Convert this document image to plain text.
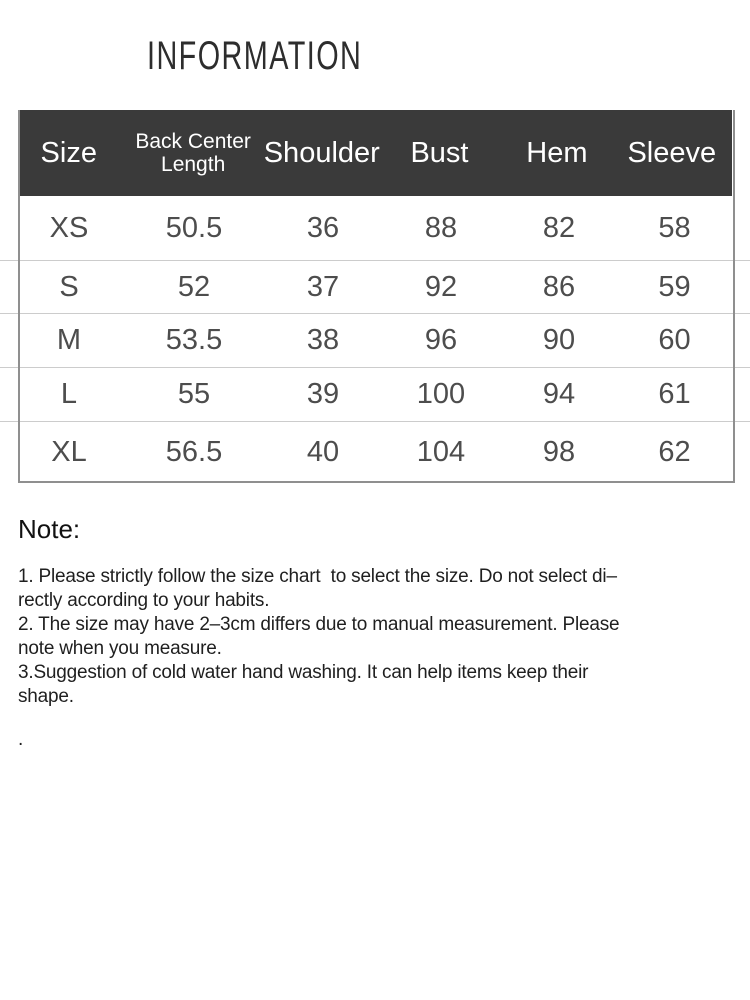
INFORMATION
Size	Back Center Length	Shoulder	Bust	Hem	Sleeve
XS	50.5	36	88	82	58
S	52	37	92	86	59
M	53.5	38	96	90	60
L	55	39	100	94	61
XL	56.5	40	104	98	62
Note:
1. Please strictly follow the size chart  to select the size. Do not select di–
rectly according to your habits.
2. The size may have 2–3cm differs due to manual measurement. Please
note when you measure.
3.Suggestion of cold water hand washing. It can help items keep their
shape.
.
